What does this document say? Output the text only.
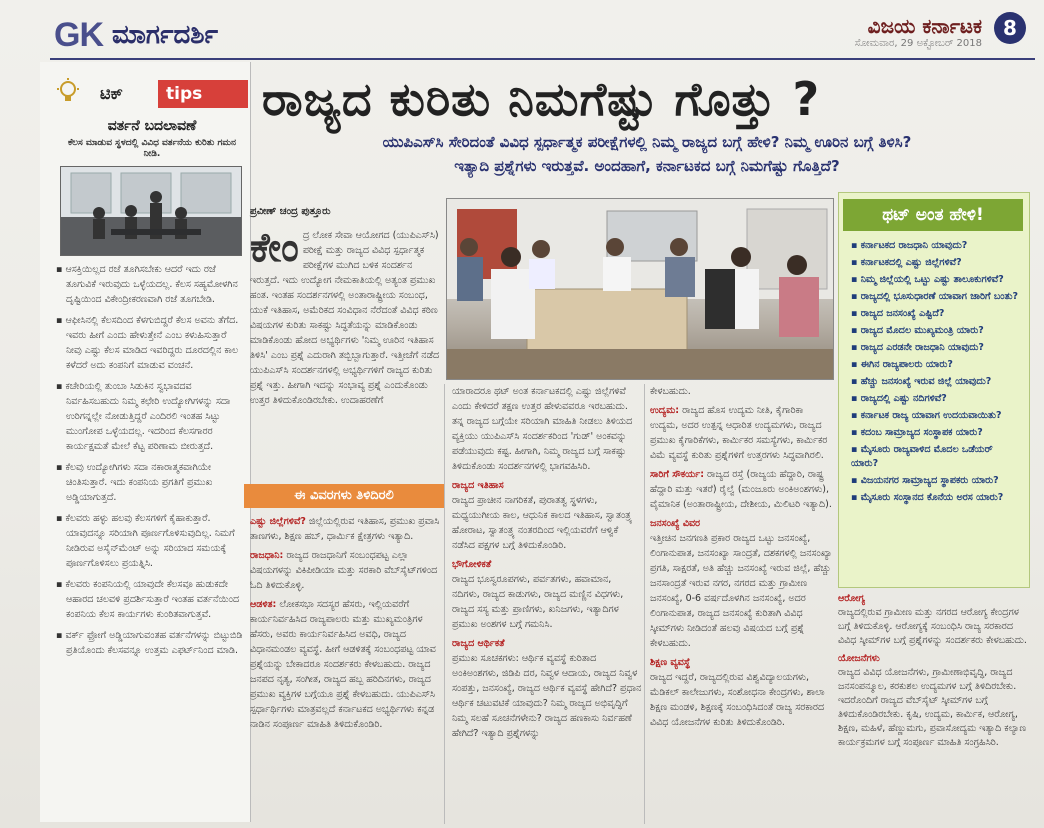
GK ಮಾರ್ಗದರ್ಶಿ	ವಿಜಯ ಕರ್ನಾಟಕ
ಸೋಮವಾರ, 29 ಅಕ್ಟೋಬರ್ 2018
8
ಟಿಕ್	tips
ವರ್ತನೆ ಬದಲಾವಣೆ
ಕೆಲಸ ಮಾಡುವ ಸ್ಥಳದಲ್ಲಿ ವಿವಿಧ ವರ್ತನೆಯ ಕುರಿತು ಗಮನ ನೀಡಿ.

▪ ಆಸಕ್ತಿಯಿಲ್ಲದ ರಜೆ ತೂಗಿಸಬೇಕು ಆದರೆ ಇದು ರಜೆ ತೂಗುವಿಕೆ ಇರುವುದು ಒಳ್ಳೆಯದಲ್ಲ. ಕೆಲಸ ಸಹ್ಯಮೋಳಗಿನ ದೃಷ್ಟಿಯಿಂದ ವಿಕೇಂದ್ರೀಕರಣವಾಗಿ ರಜೆ ತೂಗಬೇಡಿ.

▪ ಆಫೀಸಿನಲ್ಲಿ ಕೆಲಸದಿಂದ ಕೆಳಗುಬಿದ್ದರೆ ಕೆಲಸ ಅವನು ತೆಗೆದ. ಇವರು ಹೀಗೆ ಎಂದು ಹೇಳುತ್ತೇನೆ ಎಂಬ ಕಳುಹಿಸುತ್ತಾರೆ ನೀವು ಎಷ್ಟು ಕೆಲಸ ಮಾಡಿದ ಇವರಿದ್ದರು ದೂರದಲ್ಲಿನ ಕಾಲ ಕಳೆದರೆ ಅದು ಕಂಪನಿಗೆ ಮಾಡುವ ವಂಚನೆ.

▪ ಕಚೇರಿಯಲ್ಲಿ ತುಂಬಾ ಸಿಡುಕಿನ ಸ್ವಭಾವದವ ನಿರ್ವಹಿಸಬಹುದು ನಿಮ್ಮ ಕಛೇರಿ ಉದ್ಯೋಗಿಗಳನ್ನು ಸದಾ ಉರಿಗನ್ನಲ್ಲೇ ನೋಡುತ್ತಿದ್ದರೆ ಎಂದಿರಲಿ ಇಂತಹ ಸಿಟ್ಟು ಮುಂಗೋಪ ಒಳ್ಳೆಯದಲ್ಲ. ಇದರಿಂದ ಕೆಲಸಗಾರರ ಕಾರ್ಯಕ್ಷಮತೆ ಮೇಲೆ ಕೆಟ್ಟ ಪರಿಣಾಮ ಬೀರುತ್ತದೆ.

▪ ಕೆಲವು ಉದ್ಯೋಗಿಗಳು ಸದಾ ನಕಾರಾತ್ಮಕವಾಗಿಯೇ ಚಿಂತಿಸುತ್ತಾರೆ. ಇದು ಕಂಪನಿಯ ಪ್ರಗತಿಗೆ ಪ್ರಮುಖ ಅಡ್ಡಿಯಾಗುತ್ತದೆ.

▪ ಕೆಲವರು ಹಳ್ಳು ಹಲವು ಕೆಲಸಗಳಿಗೆ ಕೈಹಾಕುತ್ತಾರೆ. ಯಾವುದನ್ನೂ ಸರಿಯಾಗಿ ಪೂರ್ಣಗೊಳಿಸುವುದಿಲ್ಲ. ನಿಮಗೆ ನೀಡಿರುವ ಅಸೈನ್‌ಮೆಂಟ್ ಅನ್ನು ಸರಿಯಾದ ಸಮಯಕ್ಕೆ ಪೂರ್ಣಗೊಳಿಸಲು ಪ್ರಯತ್ನಿಸಿ.

▪ ಕೆಲವರು ಕಂಪನಿಯಲ್ಲಿ ಯಾವುದೇ ಕೆಲಸವೂ ಹುಡುಕದೇ ಆಹಾರದ ಚಲವಳಿ ಪ್ರದರ್ಶಿಸುತ್ತಾರೆ ಇಂತಹ ವರ್ತನೆಯಿಂದ ಕಂಪನಿಯ ಕೆಲಸ ಕಾರ್ಯಗಳು ಕುಂಠಿತವಾಗುತ್ತವೆ.

▪ ವರ್ಕ್ ಫ್ರೋಗೆ ಅಡ್ಡಿಯಾಗುವಂತಹ ವರ್ತನೆಗಳನ್ನು ಬಿಟ್ಟುಬಿಡಿ ಪ್ರತಿಯೊಂದು ಕೆಲಸವನ್ನೂ ಉತ್ತಮ ಎಫರ್ಟ್‌ನಿಂದ ಮಾಡಿ.

ರಾಜ್ಯದ ಕುರಿತು ನಿಮಗೆಷ್ಟು ಗೊತ್ತು ?
ಯುಪಿಎಸ್‌ಸಿ ಸೇರಿದಂತೆ ವಿವಿಧ ಸ್ಪರ್ಧಾತ್ಮಕ ಪರೀಕ್ಷೆಗಳಲ್ಲಿ ನಿಮ್ಮ ರಾಜ್ಯದ ಬಗ್ಗೆ ಹೇಳಿ? ನಿಮ್ಮ ಊರಿನ ಬಗ್ಗೆ ತಿಳಿಸಿ?
ಇತ್ಯಾದಿ ಪ್ರಶ್ನೆಗಳು ಇರುತ್ತವೆ. ಅಂದಹಾಗೆ, ಕರ್ನಾಟಕದ ಬಗ್ಗೆ ನಿಮಗೆಷ್ಟು ಗೊತ್ತಿದೆ?
ಪ್ರವೀಣ್ ಚಂದ್ರ ಪುತ್ತೂರು
ಕೇಂ ದ್ರ ಲೋಕ ಸೇವಾ ಆಯೋಗದ (ಯುಪಿಎಸ್‌ಸಿ) ಪರೀಕ್ಷೆ ಮತ್ತು ರಾಜ್ಯದ ವಿವಿಧ ಸ್ಪರ್ಧಾತ್ಮಕ ಪರೀಕ್ಷೆಗಳ ಮುಗಿದ ಬಳಿಕ ಸಂದರ್ಶನ ಇರುತ್ತದೆ. ಇದು ಉದ್ಯೋಗ ನೇಮಕಾತಿಯಲ್ಲಿ ಅತ್ಯಂತ ಪ್ರಮುಖ ಹಂತ. ಇಂತಹ ಸಂದರ್ಶನಗಳಲ್ಲಿ ಅಂತಾರಾಷ್ಟ್ರೀಯ ಸಂಬಂಧ, ಯುಕೆ ಇತಿಹಾಸ, ಅಮೆರಿಕದ ಸಂವಿಧಾನ ನೆರೆದಂತೆ ವಿವಿಧ ಕಠಿಣ ವಿಷಯಗಳ ಕುರಿತು ಸಾಕಷ್ಟು ಸಿದ್ಧತೆಯನ್ನು ಮಾಡಿಕೊಂಡು ಮಾಡಿಕೊಂಡು ಹೋದ ಅಭ್ಯರ್ಥಿಗಳು 'ನಿಮ್ಮ ಊರಿನ ಇತಿಹಾಸ ತಿಳಿಸಿ' ಎಂಬ ಪ್ರಶ್ನೆ ಎದುರಾಗಿ ತಬ್ಬಿಬ್ಬಾಗುತ್ತಾರೆ. ಇತ್ತೀಚೆಗೆ ನಡೆದ ಯುಪಿಎಸ್‌ಸಿ ಸಂದರ್ಶನಗಳಲ್ಲಿ ಅಭ್ಯರ್ಥಿಗಳಿಗೆ ರಾಜ್ಯದ ಕುರಿತು ಪ್ರಶ್ನೆ ಇತ್ತು. ಹೀಗಾಗಿ ಇದನ್ನು ಸಂಭಾವ್ಯ ಪ್ರಶ್ನೆ ಎಂದುಕೊಂಡು ಉತ್ತರ ತಿಳಿದುಕೊಂಡಿರಬೇಕು. ಉದಾಹರಣೆಗೆ
ಈ ವಿವರಗಳು ತಿಳಿದಿರಲಿ

ಎಷ್ಟು ಜಿಲ್ಲೆಗಳಿವೆ? ಜಿಲ್ಲೆಯಲ್ಲಿರುವ ಇತಿಹಾಸ, ಪ್ರಮುಖ ಪ್ರವಾಸಿ ತಾಣಗಳು, ಶಿಕ್ಷಣ ಹಬ್, ಧಾರ್ಮಿಕ ಕ್ಷೇತ್ರಗಳು ಇತ್ಯಾದಿ.

ರಾಜಧಾನಿ: ರಾಜ್ಯದ ರಾಜಧಾನಿಗೆ ಸಂಬಂಧಪಟ್ಟ ಎಲ್ಲಾ ವಿಷಯಗಳನ್ನು ವಿಕಿಪೀಡಿಯಾ ಮತ್ತು ಸರಕಾರಿ ವೆಬ್‌ಸೈಟ್‌ಗಳಿಂದ ಓದಿ ತಿಳಿದುಕೊಳ್ಳಿ.

ಆಡಳಿತ: ಲೋಕಸಭಾ ಸದಸ್ಯರ ಹೆಸರು, ಇಲ್ಲಿಯವರೆಗೆ ಕಾರ್ಯನಿರ್ವಹಿಸಿದ ರಾಜ್ಯಪಾಲರು ಮತ್ತು ಮುಖ್ಯಮಂತ್ರಿಗಳ ಹೆಸರು, ಅವರು ಕಾರ್ಯನಿರ್ವಹಿಸಿದ ಅವಧಿ, ರಾಜ್ಯದ ವಿಧಾನಮಂಡಲ ವ್ಯವಸ್ಥೆ. ಹೀಗೆ ಆಡಳಿತಕ್ಕೆ ಸಂಬಂಧಪಟ್ಟ ಯಾವ ಪ್ರಶ್ನೆಯನ್ನು ಬೇಕಾದರೂ ಸಂದರ್ಶಕರು ಕೇಳಬಹುದು. ರಾಜ್ಯದ ಜನಪದ ನೃತ್ಯ, ಸಂಗೀತ, ರಾಜ್ಯದ ಹಬ್ಬ ಹರಿದಿನಗಳು, ರಾಜ್ಯದ ಪ್ರಮುಖ ವ್ಯಕ್ತಿಗಳ ಬಗ್ಗೆಯೂ ಪ್ರಶ್ನೆ ಕೇಳಬಹುದು. ಯುಪಿಎಸ್‌ಸಿ ಸ್ಪರ್ಧಾರ್ಥಿಗಳು ಮಾತ್ರವಲ್ಲದೆ ಕರ್ನಾಟಕದ ಅಭ್ಯರ್ಥಿಗಳು ಕನ್ನಡ ನಾಡಿನ ಸಂಪೂರ್ಣ ಮಾಹಿತಿ ತಿಳಿದುಕೊಂಡಿರಿ.

ಯಾರಾದರೂ ಥಟ್ ಅಂತ ಕರ್ನಾಟಕದಲ್ಲಿ ಎಷ್ಟು ಜಿಲ್ಲೆಗಳಿವೆ ಎಂದು ಕೇಳಿದರೆ ತಕ್ಷಣ ಉತ್ತರ ಹೇಳುವವರೂ ಇರಬಹುದು. ತನ್ನ ರಾಜ್ಯದ ಬಗ್ಗೆಯೇ ಸರಿಯಾಗಿ ಮಾಹಿತಿ ನೀಡಲು ತಿಳಿಯದ ವ್ಯಕ್ತಿಯು ಯುಪಿಎಸ್‌ಸಿ ಸಂದರ್ಶಕರಿಂದ 'ಗುಡ್' ಅಂಕವನ್ನು ಪಡೆಯುವುದು ಕಷ್ಟ. ಹೀಗಾಗಿ, ನಿಮ್ಮ ರಾಜ್ಯದ ಬಗ್ಗೆ ಸಾಕಷ್ಟು ತಿಳಿದುಕೊಂಡು ಸಂದರ್ಶನಗಳಲ್ಲಿ ಭಾಗವಹಿಸಿರಿ.

ರಾಜ್ಯದ ಇತಿಹಾಸ
ರಾಜ್ಯದ ಪ್ರಾಚೀನ ನಾಗರಿಕತೆ, ಪುರಾತತ್ವ ಸ್ಥಳಗಳು, ಮಧ್ಯಯುಗೀಯ ಕಾಲ, ಆಧುನಿಕ ಕಾಲದ ಇತಿಹಾಸ, ಸ್ವಾತಂತ್ರ್ಯ ಹೋರಾಟ, ಸ್ವಾತಂತ್ರ್ಯ ನಂತರದಿಂದ ಇಲ್ಲಿಯವರೆಗೆ ಆಳ್ವಿಕೆ ನಡೆಸಿದ ಪಕ್ಷಗಳ ಬಗ್ಗೆ ತಿಳಿದುಕೊಂಡಿರಿ.

ಭೌಗೋಳಿಕತೆ
ರಾಜ್ಯದ ಭೂಸ್ವರೂಪಗಳು, ಪರ್ವತಗಳು, ಹವಾಮಾನ, ನದಿಗಳು, ರಾಜ್ಯದ ಕಾಡುಗಳು, ರಾಜ್ಯದ ಮಣ್ಣಿನ ವಿಧಗಳು, ರಾಜ್ಯದ ಸಸ್ಯ ಮತ್ತು ಪ್ರಾಣಿಗಳು, ಖನಿಜಗಳು, ಇತ್ಯಾದಿಗಳ ಪ್ರಮುಖ ಅಂಶಗಳ ಬಗ್ಗೆ ಗಮನಿಸಿ.

ರಾಜ್ಯದ ಆರ್ಥಿಕತೆ
ಪ್ರಮುಖ ಸೂಚಕಗಳು: ಆರ್ಥಿಕ ವ್ಯವಸ್ಥೆ ಕುರಿತಾದ ಅಂಕಿಅಂಶಗಳು, ಜಿಡಿಪಿ ದರ, ನಿವ್ವಳ ಆದಾಯ, ರಾಜ್ಯದ ನಿವ್ವಳ ಸಂಪತ್ತು, ಜನಸಂಖ್ಯೆ, ರಾಜ್ಯದ ಆರ್ಥಿಕ ವ್ಯವಸ್ಥೆ ಹೇಗಿದೆ? ಪ್ರಧಾನ ಆರ್ಥಿಕ ಚಟುವಟಿಕೆ ಯಾವುದು? ನಿಮ್ಮ ರಾಜ್ಯದ ಅಭಿವೃದ್ಧಿಗೆ ನಿಮ್ಮ ಸಲಹೆ ಸೂಚನೆಗಳೇನು? ರಾಜ್ಯದ ಹಣಕಾಸು ನಿರ್ವಹಣೆ ಹೇಗಿದೆ? ಇತ್ಯಾದಿ ಪ್ರಶ್ನೆಗಳನ್ನು

ಕೇಳಬಹುದು.

ಉದ್ಯಮ: ರಾಜ್ಯದ ಹೊಸ ಉದ್ಯಮ ನೀತಿ, ಕೈಗಾರಿಕಾ ಉದ್ಯಮ, ಅದರ ಉತ್ಪನ್ನ ಆಧಾರಿತ ಉದ್ಯಮಗಳು, ರಾಜ್ಯದ ಪ್ರಮುಖ ಕೈಗಾರಿಕೆಗಳು, ಕಾರ್ಮಿಕರ ಸಮಸ್ಯೆಗಳು, ಕಾರ್ಮಿಕರ ವಿಮೆ ವ್ಯವಸ್ಥೆ ಕುರಿತು ಪ್ರಶ್ನೆಗಳಿಗೆ ಉತ್ತರಗಳು ಸಿದ್ಧವಾಗಿರಲಿ.

ಸಾರಿಗೆ ಸೌಕರ್ಯ: ರಾಜ್ಯದ ರಸ್ತೆ (ರಾಜ್ಯಯ ಹೆದ್ದಾರಿ, ರಾಷ್ಟ್ರ ಹೆದ್ದಾರಿ ಮತ್ತು ಇತರೆ) ರೈಲ್ವೆ (ಮಂಜೂರು ಅಂಕಿಅಂಶಗಳು), ವೈಮಾನಿಕ (ಅಂತಾರಾಷ್ಟ್ರೀಯ, ದೇಶೀಯ, ಮಿಲಿಟರಿ ಇತ್ಯಾದಿ).

ಜನಸಂಖ್ಯೆ ವಿವರ
ಇತ್ತೀಚಿನ ಜನಗಣತಿ ಪ್ರಕಾರ ರಾಜ್ಯದ ಒಟ್ಟು ಜನಸಂಖ್ಯೆ, ಲಿಂಗಾನುಪಾತ, ಜನಸಂಖ್ಯಾ ಸಾಂದ್ರತೆ, ದಶಕಗಳಲ್ಲಿ ಜನಸಂಖ್ಯಾ ಪ್ರಗತಿ, ಸಾಕ್ಷರತೆ, ಅತಿ ಹೆಚ್ಚು ಜನಸಂಖ್ಯೆ ಇರುವ ಜಿಲ್ಲೆ, ಹೆಚ್ಚು ಜನಸಾಂದ್ರತೆ ಇರುವ ನಗರ, ನಗರದ ಮತ್ತು ಗ್ರಾಮೀಣ ಜನಸಂಖ್ಯೆ, 0-6 ವರ್ಷದೊಳಗಿನ ಜನಸಂಖ್ಯೆ, ಅದರ ಲಿಂಗಾನುಪಾತ, ರಾಜ್ಯದ ಜನಸಂಖ್ಯೆ ಕುರಿತಾಗಿ ವಿವಿಧ ಸ್ಕೀಮ್‌ಗಳು ನೀಡಿದಂತೆ ಹಲವು ವಿಷಯದ ಬಗ್ಗೆ ಪ್ರಶ್ನೆ ಕೇಳಬಹುದು.

ಶಿಕ್ಷಣ ವ್ಯವಸ್ಥೆ
ರಾಜ್ಯದ ಇದ್ದರೆ, ರಾಜ್ಯದಲ್ಲಿರುವ ವಿಶ್ವವಿದ್ಯಾಲಯಗಳು, ಮೆಡಿಕಲ್ ಕಾಲೇಜುಗಳು, ಸಂಶೋಧನಾ ಕೇಂದ್ರಗಳು, ಶಾಲಾ ಶಿಕ್ಷಣ ಮಂಡಳಿ, ಶಿಕ್ಷಣಕ್ಕೆ ಸಂಬಂಧಿಸಿದಂತೆ ರಾಜ್ಯ ಸರಕಾರದ ವಿವಿಧ ಯೋಜನೆಗಳ ಕುರಿತು ತಿಳಿದುಕೊಂಡಿರಿ.

ಥಟ್ ಅಂತ ಹೇಳಿ!

▪ ಕರ್ನಾಟಕದ ರಾಜಧಾನಿ ಯಾವುದು?

▪ ಕರ್ನಾಟಕದಲ್ಲಿ ಎಷ್ಟು ಜಿಲ್ಲೆಗಳಿವೆ?

▪ ನಿಮ್ಮ ಜಿಲ್ಲೆಯಲ್ಲಿ ಒಟ್ಟು ಎಷ್ಟು ತಾಲೂಕುಗಳಿವೆ?

▪ ರಾಜ್ಯದಲ್ಲಿ ಭೂಸುಧಾರಣೆ ಯಾವಾಗ ಜಾರಿಗೆ ಬಂತು?

▪ ರಾಜ್ಯದ ಜನಸಂಖ್ಯೆ ಎಷ್ಟಿದೆ?

▪ ರಾಜ್ಯದ ಮೊದಲ ಮುಖ್ಯಮಂತ್ರಿ ಯಾರು?

▪ ರಾಜ್ಯದ ಎರಡನೇ ರಾಜಧಾನಿ ಯಾವುದು?

▪ ಈಗಿನ ರಾಜ್ಯಪಾಲರು ಯಾರು?

▪ ಹೆಚ್ಚು ಜನಸಂಖ್ಯೆ ಇರುವ ಜಿಲ್ಲೆ ಯಾವುದು?

▪ ರಾಜ್ಯದಲ್ಲಿ ಎಷ್ಟು ನದಿಗಳಿವೆ?

▪ ಕರ್ನಾಟಕ ರಾಜ್ಯ ಯಾವಾಗ ಉದಯವಾಯಿತು?

▪ ಕದಂಬ ಸಾಮ್ರಾಜ್ಯದ ಸಂಸ್ಥಾಪಕ ಯಾರು?

▪ ಮೈಸೂರು ರಾಜ್ಯವಾಳಿದ ಮೊದಲ ಒಡೆಯರ್ ಯಾರು?

▪ ವಿಜಯನಗರ ಸಾಮ್ರಾಜ್ಯದ ಸ್ಥಾಪಕರು ಯಾರು?

▪ ಮೈಸೂರು ಸಂಸ್ಥಾನದ ಕೊನೆಯ ಅರಸ ಯಾರು?

ಆರೋಗ್ಯ
ರಾಜ್ಯದಲ್ಲಿರುವ ಗ್ರಾಮೀಣ ಮತ್ತು ನಗರದ ಆರೋಗ್ಯ ಕೇಂದ್ರಗಳ ಬಗ್ಗೆ ತಿಳಿದುಕೊಳ್ಳಿ. ಆರೋಗ್ಯಕ್ಕೆ ಸಂಬಂಧಿಸಿ ರಾಜ್ಯ ಸರಕಾರದ ವಿವಿಧ ಸ್ಕೀಮ್‌ಗಳ ಬಗ್ಗೆ ಪ್ರಶ್ನೆಗಳನ್ನು ಸಂದರ್ಶಕರು ಕೇಳಬಹುದು.

ಯೋಜನೆಗಳು
ರಾಜ್ಯದ ವಿವಿಧ ಯೋಜನೆಗಳು, ಗ್ರಾಮೀಣಾಭಿವೃದ್ಧಿ, ರಾಜ್ಯದ ಜನಸಂಪನ್ಮೂಲ, ಕರಕುಶಲ ಉದ್ಯಮಗಳ ಬಗ್ಗೆ ತಿಳಿದಿರಬೇಕು. ಇದರೊಂದಿಗೆ ರಾಜ್ಯದ ವೆಬ್‌ಸೈಟ್ ಸ್ಕೀಮ್‌ಗಳ ಬಗ್ಗೆ ತಿಳಿದುಕೊಂಡಿರಬೇಕು. ಕೃಷಿ, ಉದ್ಯಮ, ಕಾರ್ಮಿಕ, ಆರೋಗ್ಯ, ಶಿಕ್ಷಣ, ಮಹಿಳೆ, ಹೆಣ್ಣುಮಗು, ಪ್ರವಾಸೋದ್ಯಮ ಇತ್ಯಾದಿ ಕಲ್ಯಾಣ ಕಾರ್ಯಕ್ರಮಗಳ ಬಗ್ಗೆ ಸಂಪೂರ್ಣ ಮಾಹಿತಿ ಸಂಗ್ರಹಿಸಿರಿ.
